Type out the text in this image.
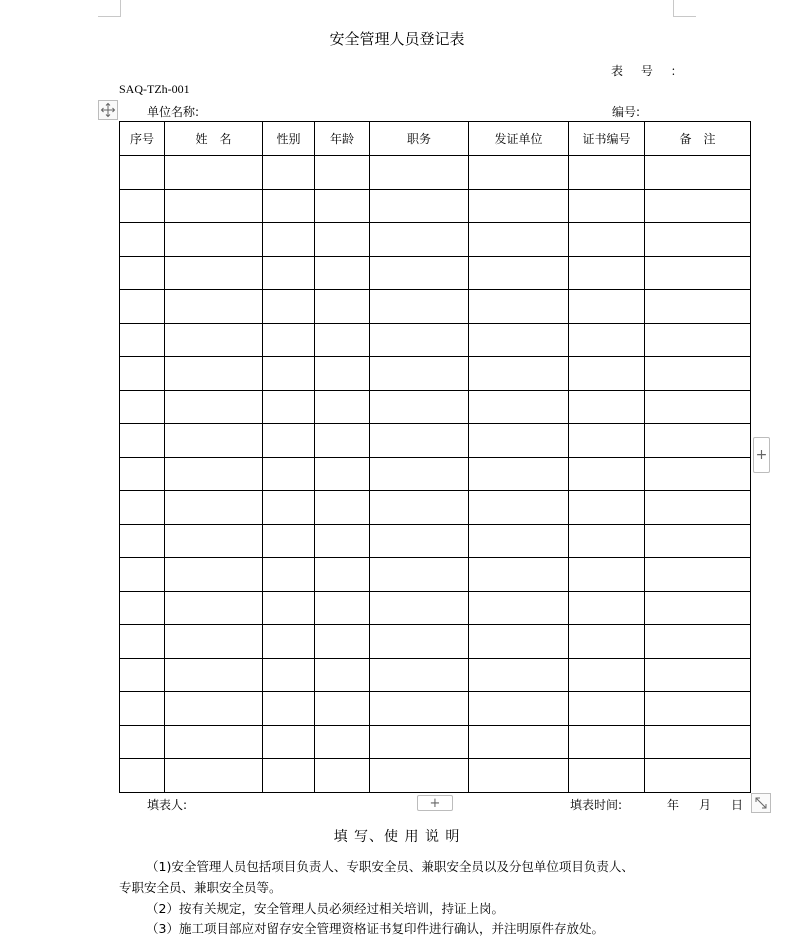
安全管理人员登记表
表 号 ：
SAQ-TZh-001
单位名称:	编号:
序号	姓　名	性别	年龄	职务	发证单位	证书编号	备　注

+
+
填表人:	填表时间:	年 月 日
填 写、使 用 说 明
（1)安全管理人员包括项目负责人、专职安全员、兼职安全员以及分包单位项目负责人、
专职安全员、兼职安全员等。
（2）按有关规定，安全管理人员必须经过相关培训，持证上岗。
（3）施工项目部应对留存安全管理资格证书复印件进行确认，并注明原件存放处。
